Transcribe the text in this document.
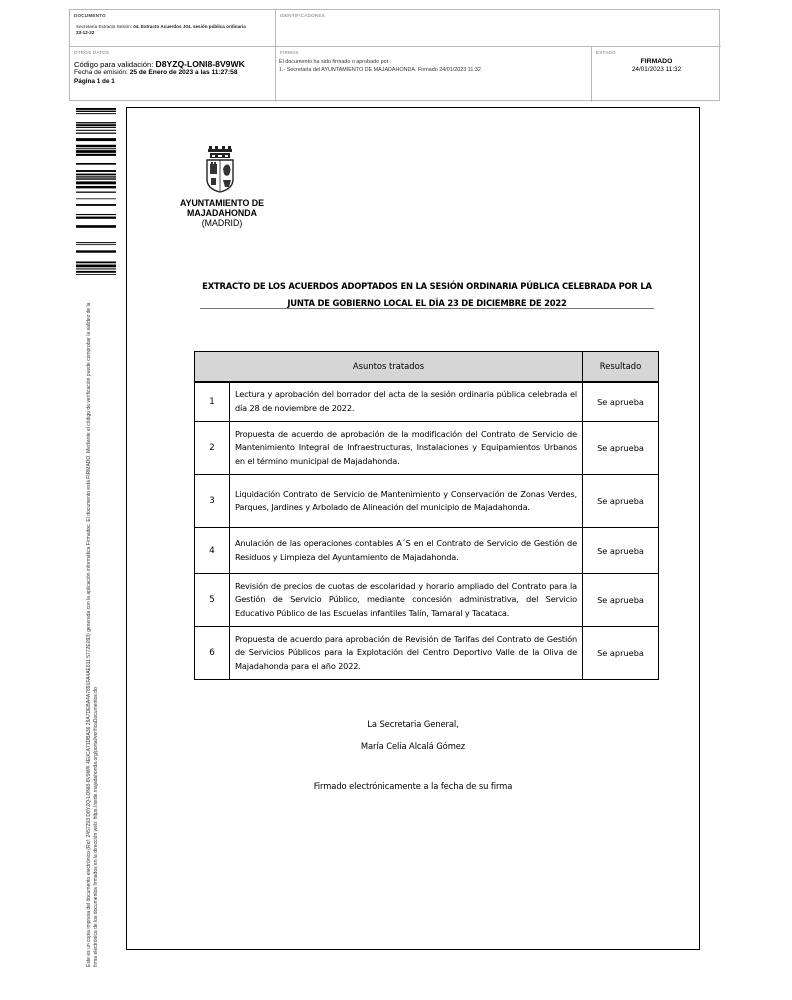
DOCUMENTO
Secretaría Extracto Sesión: 04. Extracto Acuerdos JGL sesión pública ordinaria 23-12-22
IDENTIFICADORES
OTROS DATOS
Código para validación: D8YZQ-LONI8-8V9WK
Fecha de emisión: 25 de Enero de 2023 a las 11:27:58
Página 1 de 1
FIRMAS
El documento ha sido firmado o aprobado por :
1.- Secretaria del AYUNTAMIENTO DE MAJADAHONDA. Firmado 24/01/2023 11:32
ESTADO
FIRMADO
24/01/2023 11:32
Este es un copia impresa del documento electrónico (Ref: 2457293 D8YZQ-LONI8-8V9WK 4E0CA71DBA36 29A7DEBA4A7891FA4AE611 5772E093) generada con la aplicación informática Firmadoc. El documento está FIRMADO. Mediante el código de verificación puede comprobar la validez de la firma electrónica de los documentos firmados en la dirección web: https://sede.majadahonda.org/portal/verificaDocumentos.do
AYUNTAMIENTO DE
MAJADAHONDA
(MADRID)
EXTRACTO DE LOS ACUERDOS ADOPTADOS EN LA SESIÓN ORDINARIA PÚBLICA CELEBRADA POR LA
JUNTA DE GOBIERNO LOCAL EL DÍA 23 DE DICIEMBRE DE 2022
Asuntos tratados		Resultado
1	Lectura y aprobación del borrador del acta de la sesión ordinaria pública celebrada el día 28 de noviembre de 2022.	Se aprueba
2	Propuesta de acuerdo de aprobación de la modificación del Contrato de Servicio de Mantenimiento Integral de Infraestructuras, Instalaciones y Equipamientos Urbanos en el término municipal de Majadahonda.	Se aprueba
3	Liquidación Contrato de Servicio de Mantenimiento y Conservación de Zonas Verdes, Parques, Jardines y Arbolado de Alineación del municipio de Majadahonda.	Se aprueba
4	Anulación de las operaciones contables A´S en el Contrato de Servicio de Gestión de Residuos y Limpieza del Ayuntamiento de Majadahonda.	Se aprueba
5	Revisión de precios de cuotas de escolaridad y horario ampliado del Contrato para la Gestión de Servicio Público, mediante concesión administrativa, del Servicio Educativo Público de las Escuelas infantiles Talín, Tamaral y Tacataca.	Se aprueba
6	Propuesta de acuerdo para aprobación de Revisión de Tarifas del Contrato de Gestión de Servicios Públicos para la Explotación del Centro Deportivo Valle de la Oliva de Majadahonda para el año 2022.	Se aprueba
La Secretaria General,
María Celia Alcalá Gómez
Firmado electrónicamente a la fecha de su firma
